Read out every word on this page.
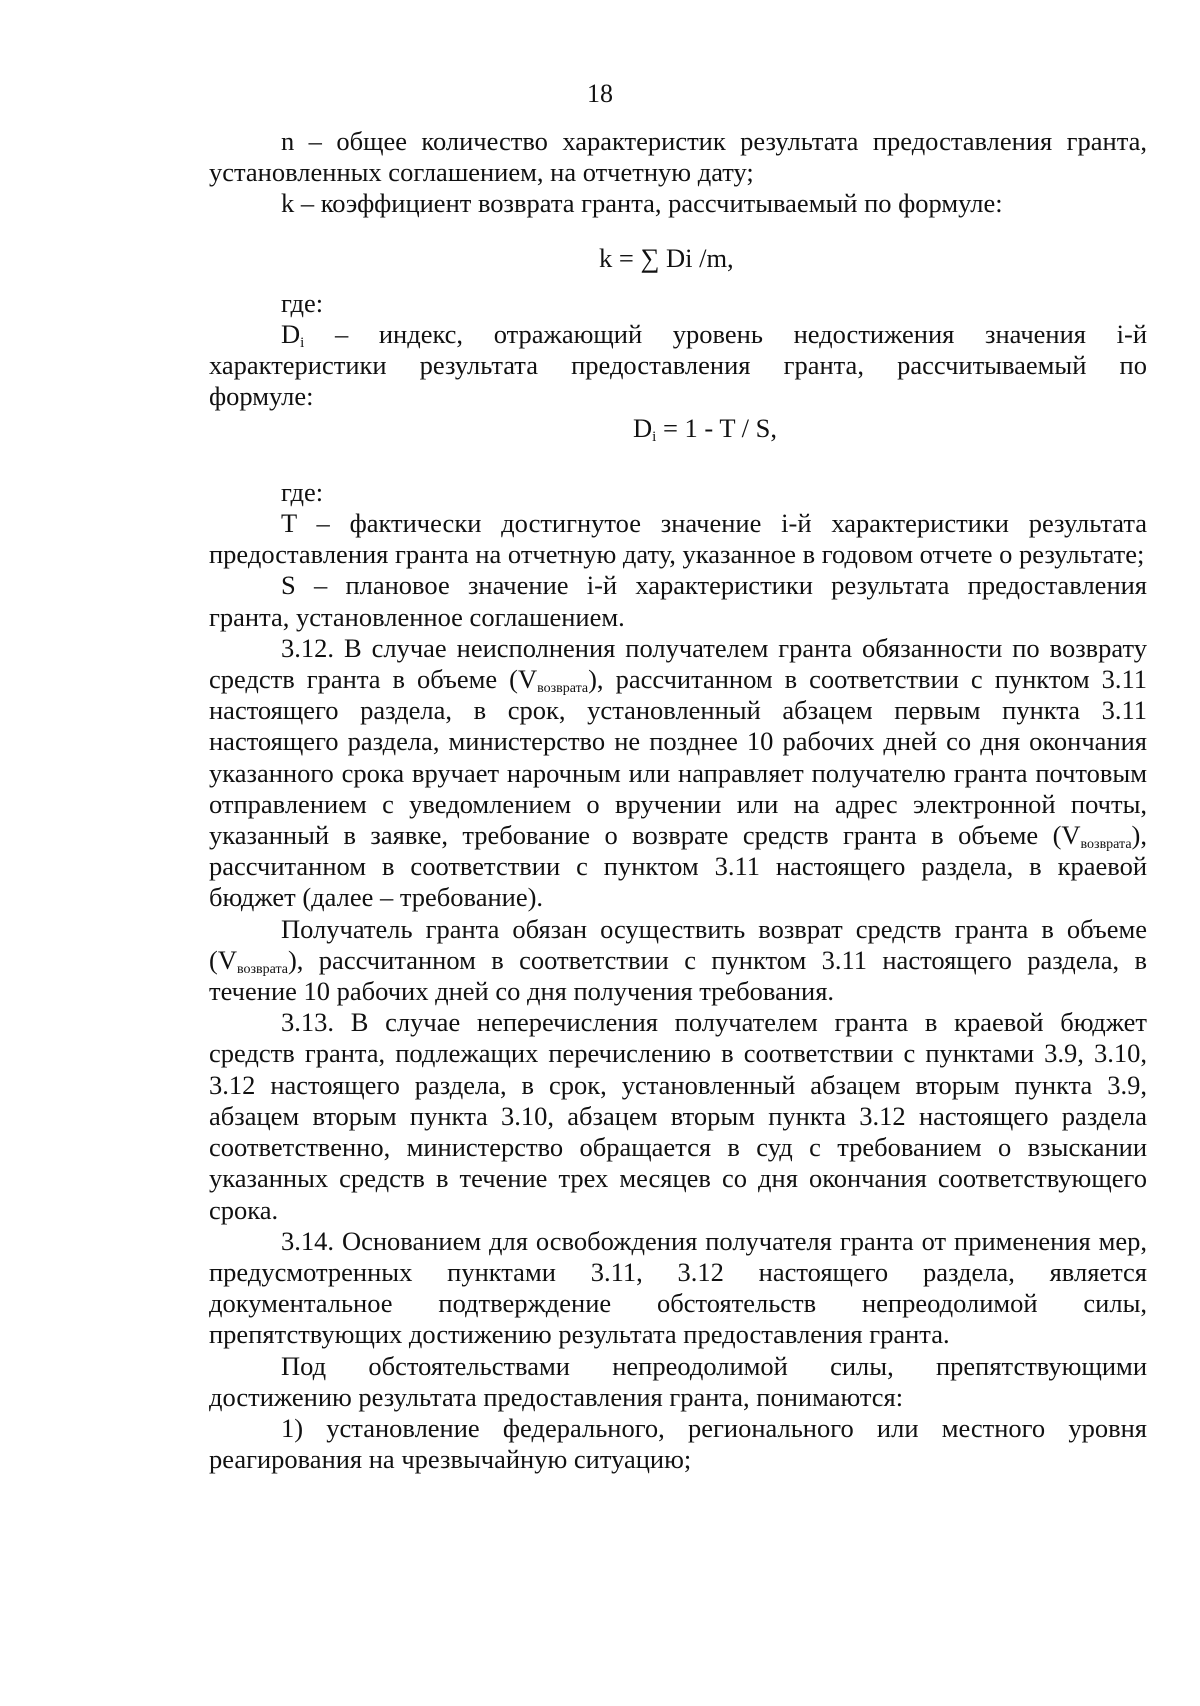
18

n – общее количество характеристик результата предоставления гранта, установленных соглашением, на отчетную дату;

k – коэффициент возврата гранта, рассчитываемый по формуле:

k = ∑ Di /m,

где:

$D_i$ – индекс, отражающий уровень недостижения значения i-й характеристики результата предоставления гранта, рассчитываемый по формуле:

$D_i = 1 - T / S$,

где:

T – фактически достигнутое значение i-й характеристики результата предоставления гранта на отчетную дату, указанное в годовом отчете о результате;

S – плановое значение i-й характеристики результата предоставления гранта, установленное соглашением.

3.12. В случае неисполнения получателем гранта обязанности по возврату средств гранта в объеме $(V_{возврата})$, рассчитанном в соответствии с пунктом 3.11 настоящего раздела, в срок, установленный абзацем первым пункта 3.11 настоящего раздела, министерство не позднее 10 рабочих дней со дня окончания указанного срока вручает нарочным или направляет получателю гранта почтовым отправлением с уведомлением о вручении или на адрес электронной почты, указанный в заявке, требование о возврате средств гранта в объеме $(V_{возврата})$, рассчитанном в соответствии с пунктом 3.11 настоящего раздела, в краевой бюджет (далее – требование).

Получатель гранта обязан осуществить возврат средств гранта в объеме $(V_{возврата})$, рассчитанном в соответствии с пунктом 3.11 настоящего раздела, в течение 10 рабочих дней со дня получения требования.

3.13. В случае неперечисления получателем гранта в краевой бюджет средств гранта, подлежащих перечислению в соответствии с пунктами 3.9, 3.10, 3.12 настоящего раздела, в срок, установленный абзацем вторым пункта 3.9, абзацем вторым пункта 3.10, абзацем вторым пункта 3.12 настоящего раздела соответственно, министерство обращается в суд с требованием о взыскании указанных средств в течение трех месяцев со дня окончания соответствующего срока.

3.14. Основанием для освобождения получателя гранта от применения мер, предусмотренных пунктами 3.11, 3.12 настоящего раздела, является документальное подтверждение обстоятельств непреодолимой силы, препятствующих достижению результата предоставления гранта.

Под обстоятельствами непреодолимой силы, препятствующими достижению результата предоставления гранта, понимаются:

1) установление федерального, регионального или местного уровня реагирования на чрезвычайную ситуацию;
